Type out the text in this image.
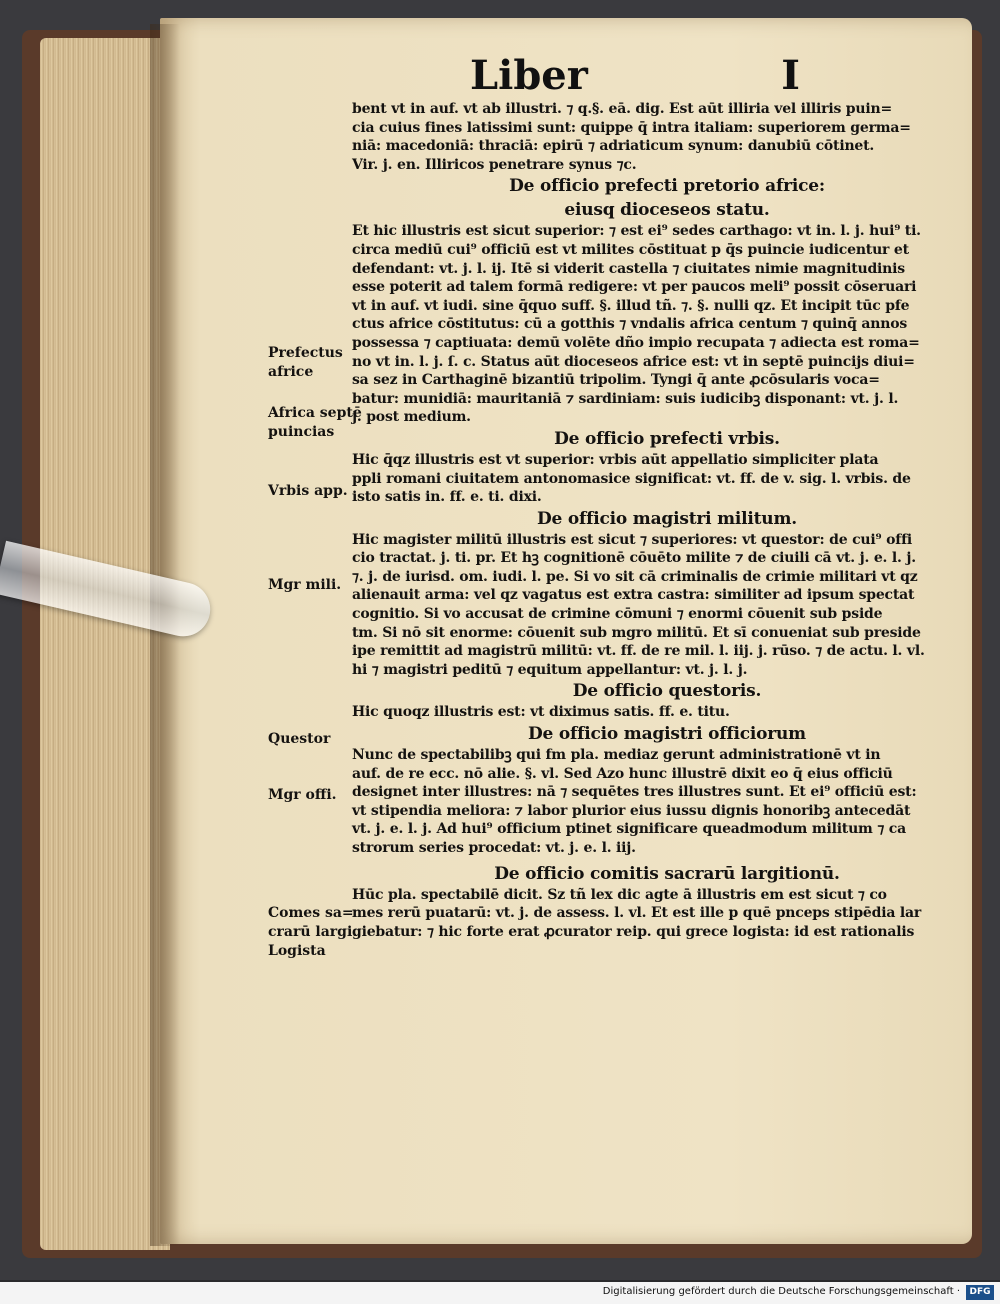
Liber	I

bent vt in auf. vt ab illustri. ⁊ q.§. eā. dig. Est aūt illiria vel illiris puin=

cia cuius fines latissimi sunt: quippe q̄ intra italiam: superiorem germa=

niā: macedoniā: thraciā: epirū ⁊ adriaticum synum: danubiū cōtinet.

Vir. j. en. Illiricos penetrare synus ⁊c.

De officio prefecti pretorio africe:

eiusq dioceseos statu.

Et hic illustris est sicut superior: ⁊ est ei⁹ sedes carthago: vt in. l. j. hui⁹ ti.

circa mediū cui⁹ officiū est vt milites cōstituat p q̄s puincie iudicentur et

defendant: vt. j. l. ij. Itē si viderit castella ⁊ ciuitates nimie magnitudinis

esse poterit ad talem formā redigere: vt per paucos meli⁹ possit cōseruari

vt in auf. vt iudi. sine q̄quo suff. §. illud tñ. ⁊. §. nulli qz. Et incipit tūc pfe

ctus africe cōstitutus: cū a gotthis ⁊ vndalis africa centum ⁊ quinq̄ annos

possessa ⁊ captiuata: demū volēte dño impio recupata ⁊ adiecta est roma=

no vt in. l. j. ſ. c. Status aūt dioceseos africe est: vt in septē puincijs diui=

sa sez in Carthaginē bizantiū tripolim. Tyngi q̄ ante ꝓcōsularis voca=

batur: munidiā: mauritaniā ⁊ sardiniam: suis iudicibꝫ disponant: vt. j. l.

j. post medium.

De officio prefecti vrbis.

Hic q̄qz illustris est vt superior: vrbis aūt appellatio simpliciter plata

ppli romani ciuitatem antonomasice significat: vt. ff. de v. sig. l. vrbis. de

isto satis in. ff. e. ti. dixi.

De officio magistri militum.

Hic magister militū illustris est sicut ⁊ superiores: vt questor: de cui⁹ offi

cio tractat. j. ti. pr. Et hꝫ cognitionē cōuēto milite ⁊ de ciuili cā vt. j. e. l. j.

⁊. j. de iurisd. om. iudi. l. pe. Si vo sit cā criminalis de crimie militari vt qz

alienauit arma: vel qz vagatus est extra castra: similiter ad ipsum spectat

cognitio. Si vo accusat de crimine cōmuni ⁊ enormi cōuenit sub pside

tm. Si nō sit enorme: cōuenit sub mgro militū. Et sī conueniat sub preside

ipe remittit ad magistrū militū: vt. ff. de re mil. l. iij. j. rūso. ⁊ de actu. l. vl.

hi ⁊ magistri peditū ⁊ equitum appellantur: vt. j. l. j.

De officio questoris.

Hic quoqz illustris est: vt diximus satis. ff. e. titu.

De officio magistri officiorum

Nunc de spectabilibꝫ qui fm pla. mediaz gerunt administrationē vt in

auf. de re ecc. nō alie. §. vl. Sed Azo hunc illustrē dixit eo q̄ eius officiū

designet inter illustres: nā ⁊ sequētes tres illustres sunt. Et ei⁹ officiū est:

vt stipendia meliora: ⁊ labor plurior eius iussu dignis honoribꝫ antecedāt

vt. j. e. l. j. Ad hui⁹ officium ptinet significare queadmodum militum ⁊ ca

strorum series procedat: vt. j. e. l. iij.

De officio comitis sacrarū largitionū.

Hūc pla. spectabilē dicit. Sz tñ lex dic agte ā illustris em est sicut ⁊ co

mes rerū puatarū: vt. j. de assess. l. vl. Et est ille p quē pnceps stipēdia lar

giebatur: ⁊ hic forte erat ꝓcurator reip. qui grece logista: id est rationalis

Prefectus
africe
Africa septē
puincias
Vrbis app.
Mgr mili.
Questor
Mgr offi.
Comes sa=
crarū largi.
Logista
Digitalisierung gefördert durch die Deutsche Forschungsgemeinschaft ·	DFG
